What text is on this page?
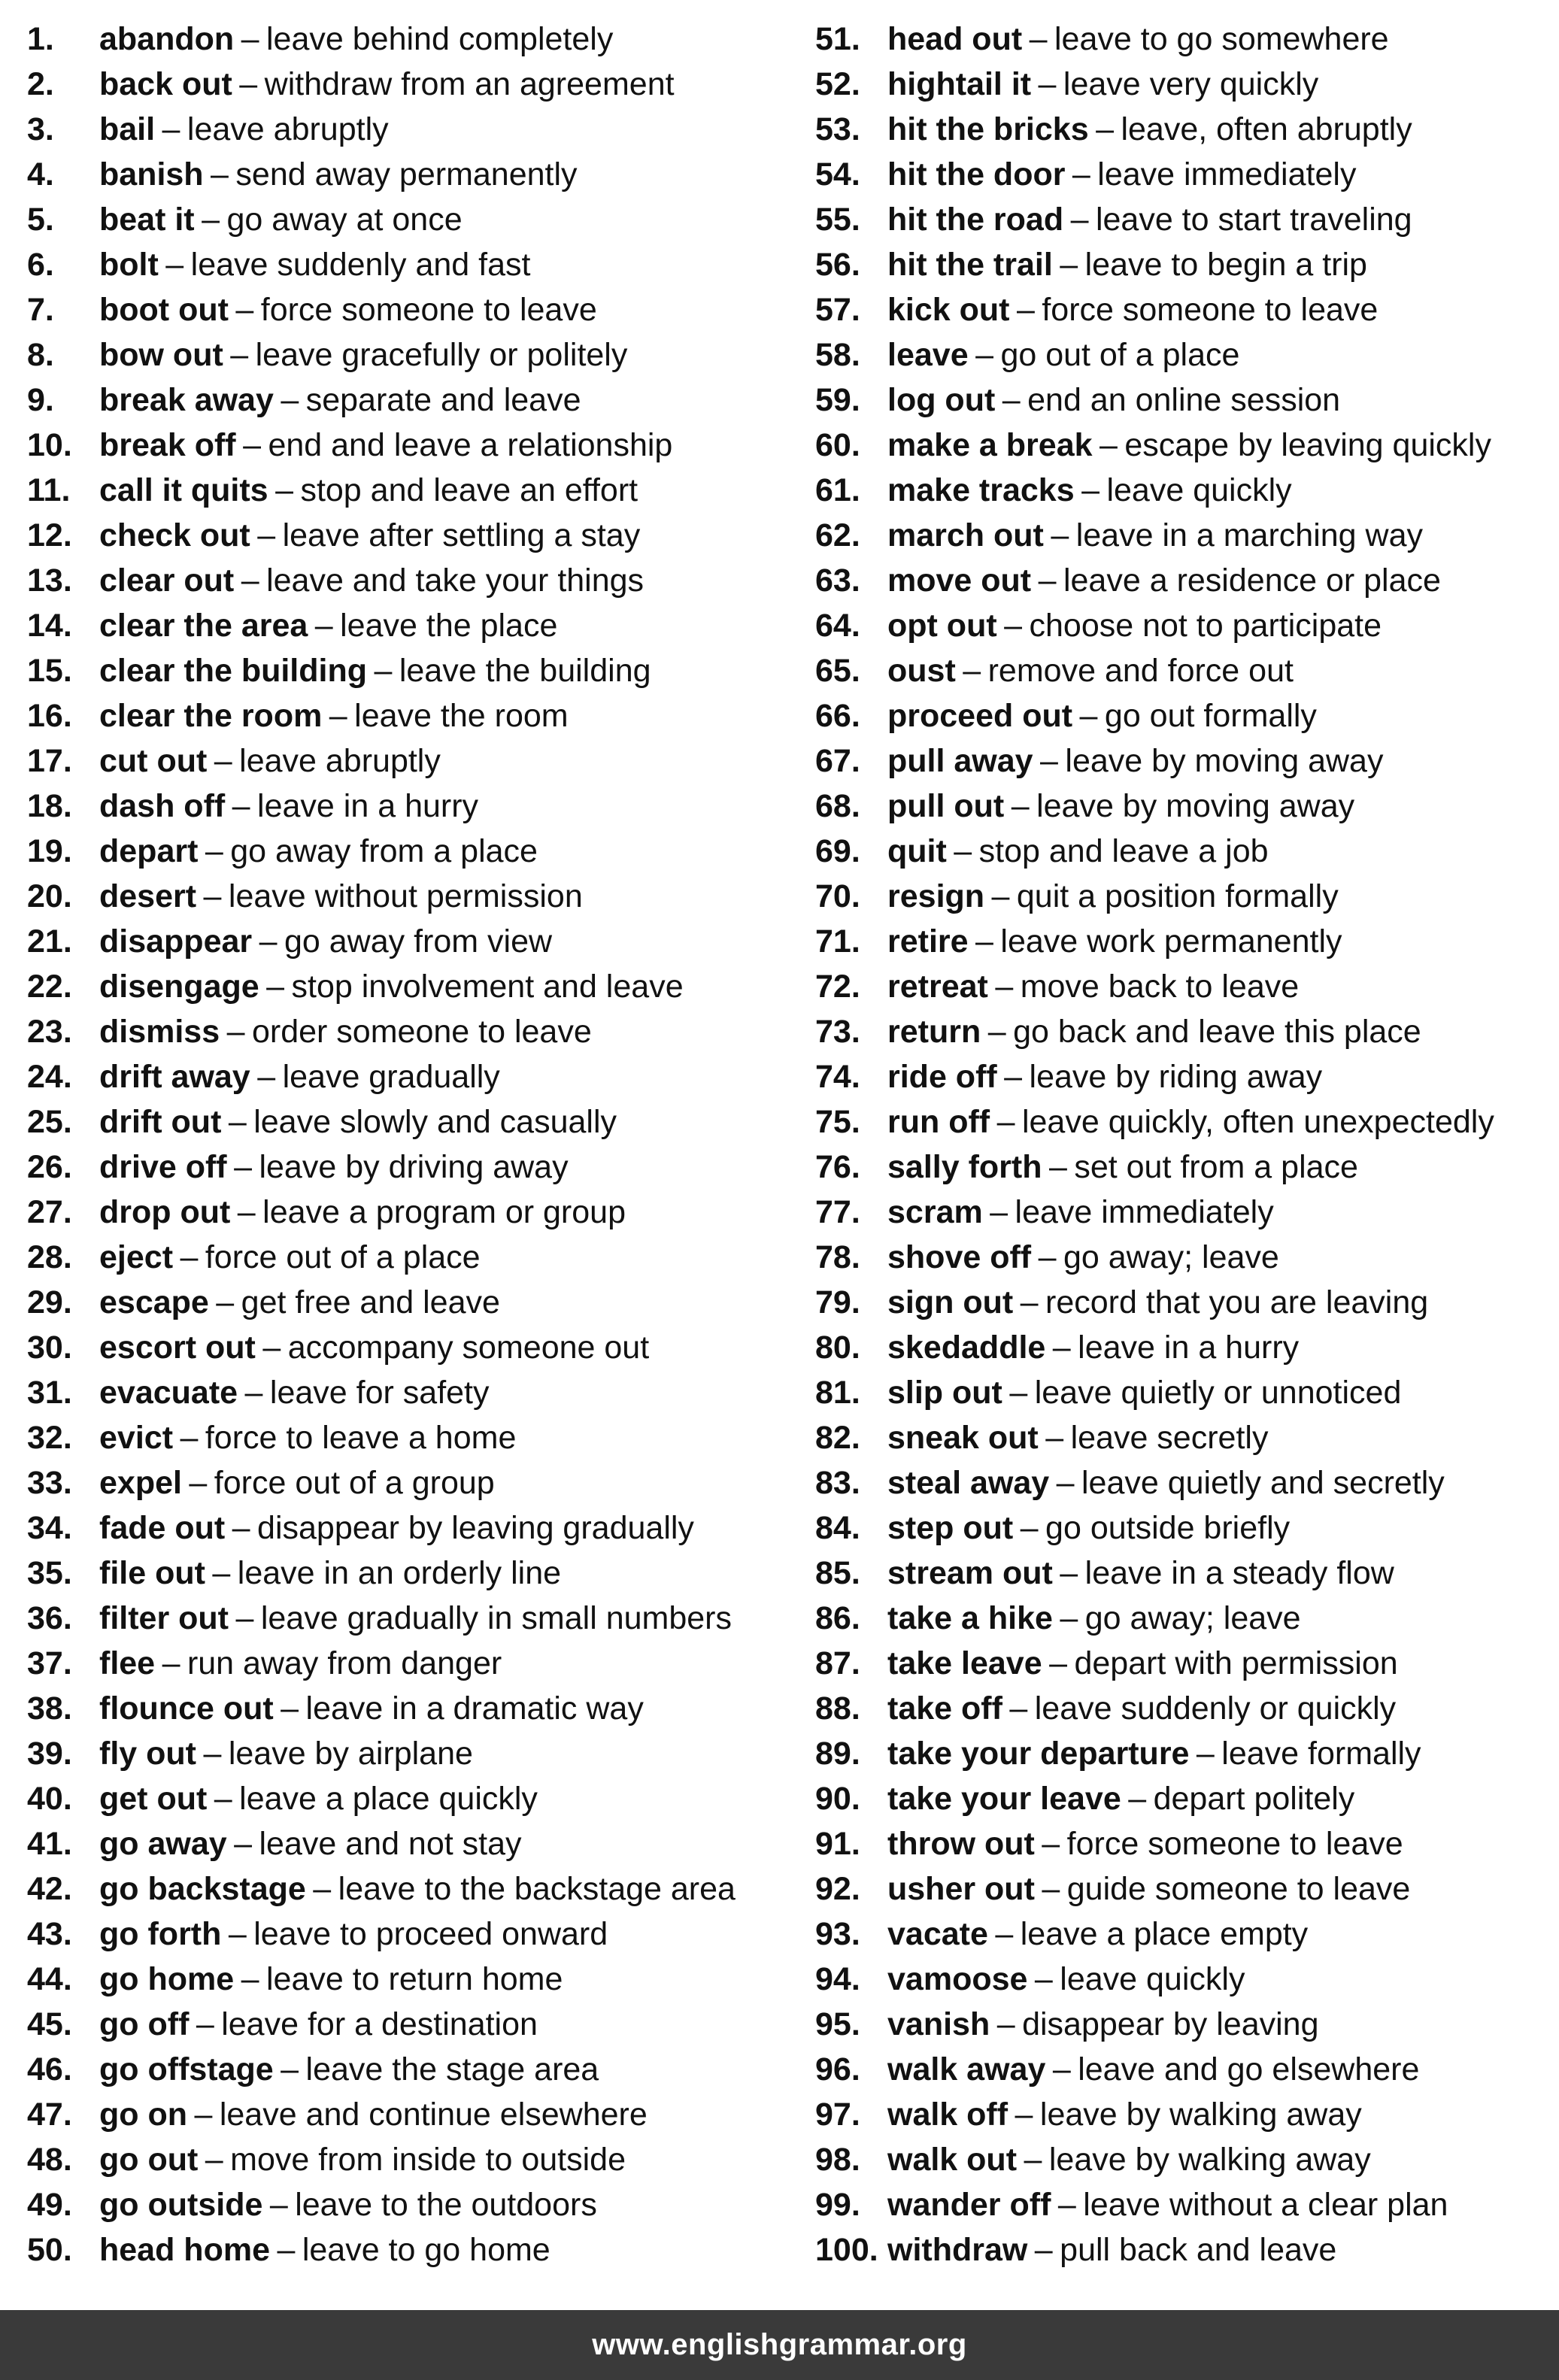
1.	abandon – leave behind completely
2.	back out – withdraw from an agreement
3.	bail – leave abruptly
4.	banish – send away permanently
5.	beat it – go away at once
6.	bolt – leave suddenly and fast
7.	boot out – force someone to leave
8.	bow out – leave gracefully or politely
9.	break away – separate and leave
10. break off – end and leave a relationship
11. call it quits – stop and leave an effort
12. check out – leave after settling a stay
13. clear out – leave and take your things
14. clear the area – leave the place
15. clear the building – leave the building
16. clear the room – leave the room
17. cut out – leave abruptly
18. dash off – leave in a hurry
19. depart – go away from a place
20. desert – leave without permission
21. disappear – go away from view
22. disengage – stop involvement and leave
23. dismiss – order someone to leave
24. drift away – leave gradually
25. drift out – leave slowly and casually
26. drive off – leave by driving away
27. drop out – leave a program or group
28. eject – force out of a place
29. escape – get free and leave
30. escort out – accompany someone out
31. evacuate – leave for safety
32. evict – force to leave a home
33. expel – force out of a group
34. fade out – disappear by leaving gradually
35. file out – leave in an orderly line
36. filter out – leave gradually in small numbers
37. flee – run away from danger
38. flounce out – leave in a dramatic way
39. fly out – leave by airplane
40. get out – leave a place quickly
41. go away – leave and not stay
42. go backstage – leave to the backstage area
43. go forth – leave to proceed onward
44. go home – leave to return home
45. go off – leave for a destination
46. go offstage – leave the stage area
47. go on – leave and continue elsewhere
48. go out – move from inside to outside
49. go outside – leave to the outdoors
50. head home – leave to go home
51. head out – leave to go somewhere
52. hightail it – leave very quickly
53. hit the bricks – leave, often abruptly
54. hit the door – leave immediately
55. hit the road – leave to start traveling
56. hit the trail – leave to begin a trip
57. kick out – force someone to leave
58. leave – go out of a place
59. log out – end an online session
60. make a break – escape by leaving quickly
61. make tracks – leave quickly
62. march out – leave in a marching way
63. move out – leave a residence or place
64. opt out – choose not to participate
65. oust – remove and force out
66. proceed out – go out formally
67. pull away – leave by moving away
68. pull out – leave by moving away
69. quit – stop and leave a job
70. resign – quit a position formally
71. retire – leave work permanently
72. retreat – move back to leave
73. return – go back and leave this place
74. ride off – leave by riding away
75. run off – leave quickly, often unexpectedly
76. sally forth – set out from a place
77. scram – leave immediately
78. shove off – go away; leave
79. sign out – record that you are leaving
80. skedaddle – leave in a hurry
81. slip out – leave quietly or unnoticed
82. sneak out – leave secretly
83. steal away – leave quietly and secretly
84. step out – go outside briefly
85. stream out – leave in a steady flow
86. take a hike – go away; leave
87. take leave – depart with permission
88. take off – leave suddenly or quickly
89. take your departure – leave formally
90. take your leave – depart politely
91. throw out – force someone to leave
92. usher out – guide someone to leave
93. vacate – leave a place empty
94. vamoose – leave quickly
95. vanish – disappear by leaving
96. walk away – leave and go elsewhere
97. walk off – leave by walking away
98. walk out – leave by walking away
99. wander off – leave without a clear plan
100. withdraw – pull back and leave
www.englishgrammar.org
